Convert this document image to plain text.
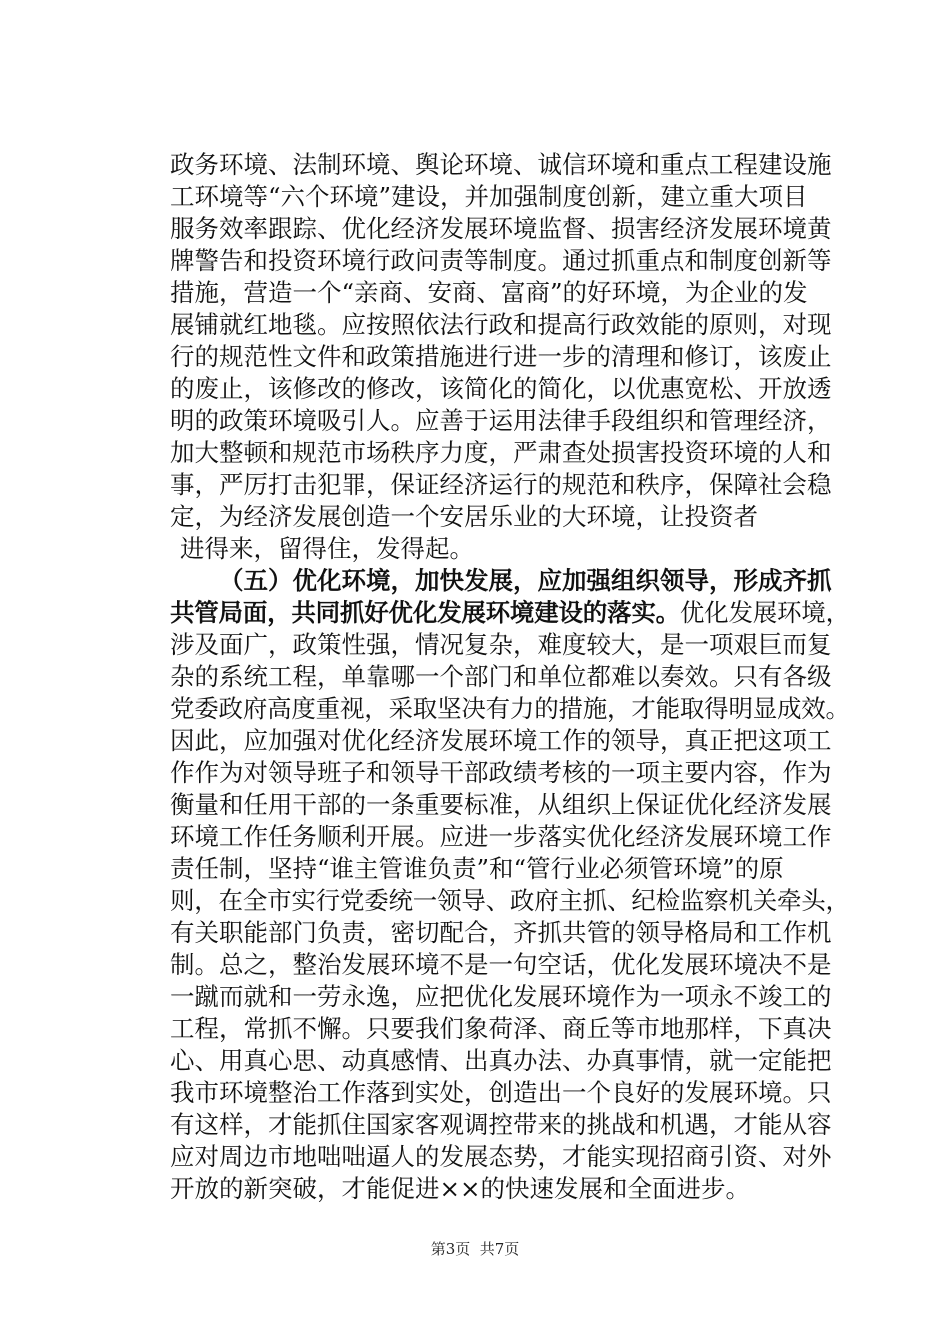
政务环境、法制环境、舆论环境、诚信环境和重点工程建设施
工环境等“六个环境”建设，并加强制度创新，建立重大项目
服务效率跟踪、优化经济发展环境监督、损害经济发展环境黄
牌警告和投资环境行政问责等制度。通过抓重点和制度创新等
措施，营造一个“亲商、安商、富商”的好环境，为企业的发
展铺就红地毯。应按照依法行政和提高行政效能的原则，对现
行的规范性文件和政策措施进行进一步的清理和修订，该废止
的废止，该修改的修改，该简化的简化，以优惠宽松、开放透
明的政策环境吸引人。应善于运用法律手段组织和管理经济，
加大整顿和规范市场秩序力度，严肃查处损害投资环境的人和
事，严厉打击犯罪，保证经济运行的规范和秩序，保障社会稳
定，为经济发展创造一个安居乐业的大环境，让投资者
进得来，留得住，发得起。
（五）优化环境，加快发展，应加强组织领导，形成齐抓
共管局面，共同抓好优化发展环境建设的落实。优化发展环境，
涉及面广，政策性强，情况复杂，难度较大，是一项艰巨而复
杂的系统工程，单靠哪一个部门和单位都难以奏效。只有各级
党委政府高度重视，采取坚决有力的措施，才能取得明显成效。
因此，应加强对优化经济发展环境工作的领导，真正把这项工
作作为对领导班子和领导干部政绩考核的一项主要内容，作为
衡量和任用干部的一条重要标准，从组织上保证优化经济发展
环境工作任务顺利开展。应进一步落实优化经济发展环境工作
责任制，坚持“谁主管谁负责”和“管行业必须管环境”的原
则，在全市实行党委统一领导、政府主抓、纪检监察机关牵头，
有关职能部门负责，密切配合，齐抓共管的领导格局和工作机
制。总之，整治发展环境不是一句空话，优化发展环境决不是
一蹴而就和一劳永逸，应把优化发展环境作为一项永不竣工的
工程，常抓不懈。只要我们象荷泽、商丘等市地那样，下真决
心、用真心思、动真感情、出真办法、办真事情，就一定能把
我市环境整治工作落到实处，创造出一个良好的发展环境。只
有这样，才能抓住国家客观调控带来的挑战和机遇，才能从容
应对周边市地咄咄逼人的发展态势，才能实现招商引资、对外
开放的新突破，才能促进××的快速发展和全面进步。
第3页  共7页
